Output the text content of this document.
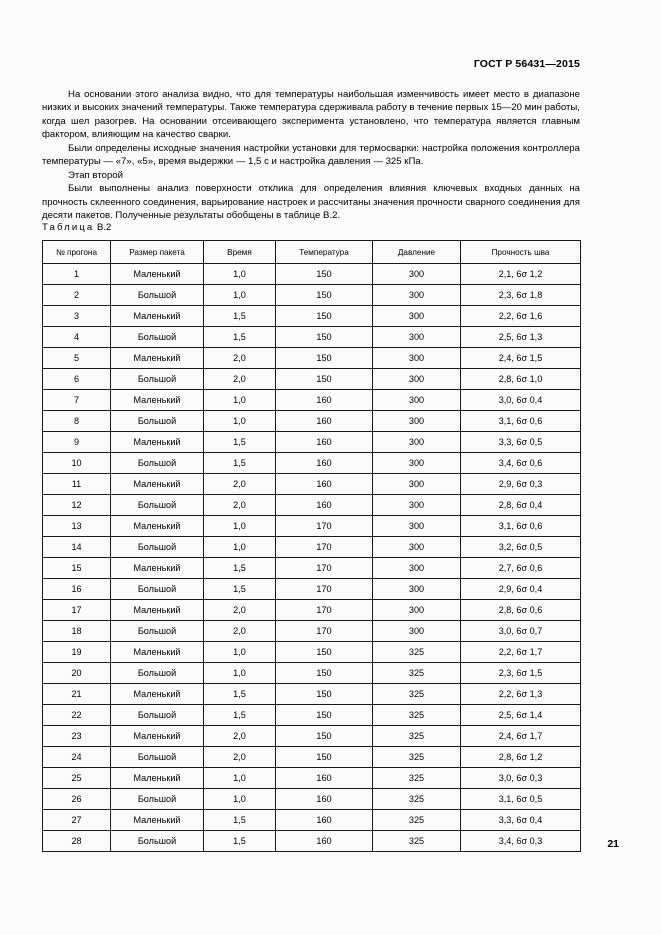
ГОСТ Р 56431—2015

На основании этого анализа видно, что для температуры наибольшая изменчивость имеет место в диапазоне низких и высоких значений температуры. Также температура сдерживала работу в течение первых 15—20 мин работы, когда шел разогрев. На основании отсеивающего эксперимента установлено, что температура является главным фактором, влияющим на качество сварки.

Были определены исходные значения настройки установки для термосварки: настройка положения контроллера температуры — «7», «5», время выдержки — 1,5 с и настройка давления — 325 кПа.

Этап второй

Были выполнены анализ поверхности отклика для определения влияния ключевых входных данных на прочность склеенного соединения, варьирование настроек и рассчитаны значения прочности сварного соединения для десяти пакетов. Полученные результаты обобщены в таблице В.2.

Таблица В.2
№ прогона	Размер пакета	Время	Температура	Давление	Прочность шва
1	Маленький	1,0	150	300	2,1, 6σ 1,2
2	Большой	1,0	150	300	2,3, 6σ 1,8
3	Маленький	1,5	150	300	2,2, 6σ 1,6
4	Большой	1,5	150	300	2,5, 6σ 1,3
5	Маленький	2,0	150	300	2,4, 6σ 1,5
6	Большой	2,0	150	300	2,8, 6σ 1,0
7	Маленький	1,0	160	300	3,0, 6σ 0,4
8	Большой	1,0	160	300	3,1, 6σ 0,6
9	Маленький	1,5	160	300	3,3, 6σ 0,5
10	Большой	1,5	160	300	3,4, 6σ 0,6
11	Маленький	2,0	160	300	2,9, 6σ 0,3
12	Большой	2,0	160	300	2,8, 6σ 0,4
13	Маленький	1,0	170	300	3,1, 6σ 0,6
14	Большой	1,0	170	300	3,2, 6σ 0,5
15	Маленький	1,5	170	300	2,7, 6σ 0,6
16	Большой	1,5	170	300	2,9, 6σ 0,4
17	Маленький	2,0	170	300	2,8, 6σ 0,6
18	Большой	2,0	170	300	3,0, 6σ 0,7
19	Маленький	1,0	150	325	2,2, 6σ 1,7
20	Большой	1,0	150	325	2,3, 6σ 1,5
21	Маленький	1,5	150	325	2,2, 6σ 1,3
22	Большой	1,5	150	325	2,5, 6σ 1,4
23	Маленький	2,0	150	325	2,4, 6σ 1,7
24	Большой	2,0	150	325	2,8, 6σ 1,2
25	Маленький	1,0	160	325	3,0, 6σ 0,3
26	Большой	1,0	160	325	3,1, 6σ 0,5
27	Маленький	1,5	160	325	3,3, 6σ 0,4
28	Большой	1,5	160	325	3,4, 6σ 0,3	21
